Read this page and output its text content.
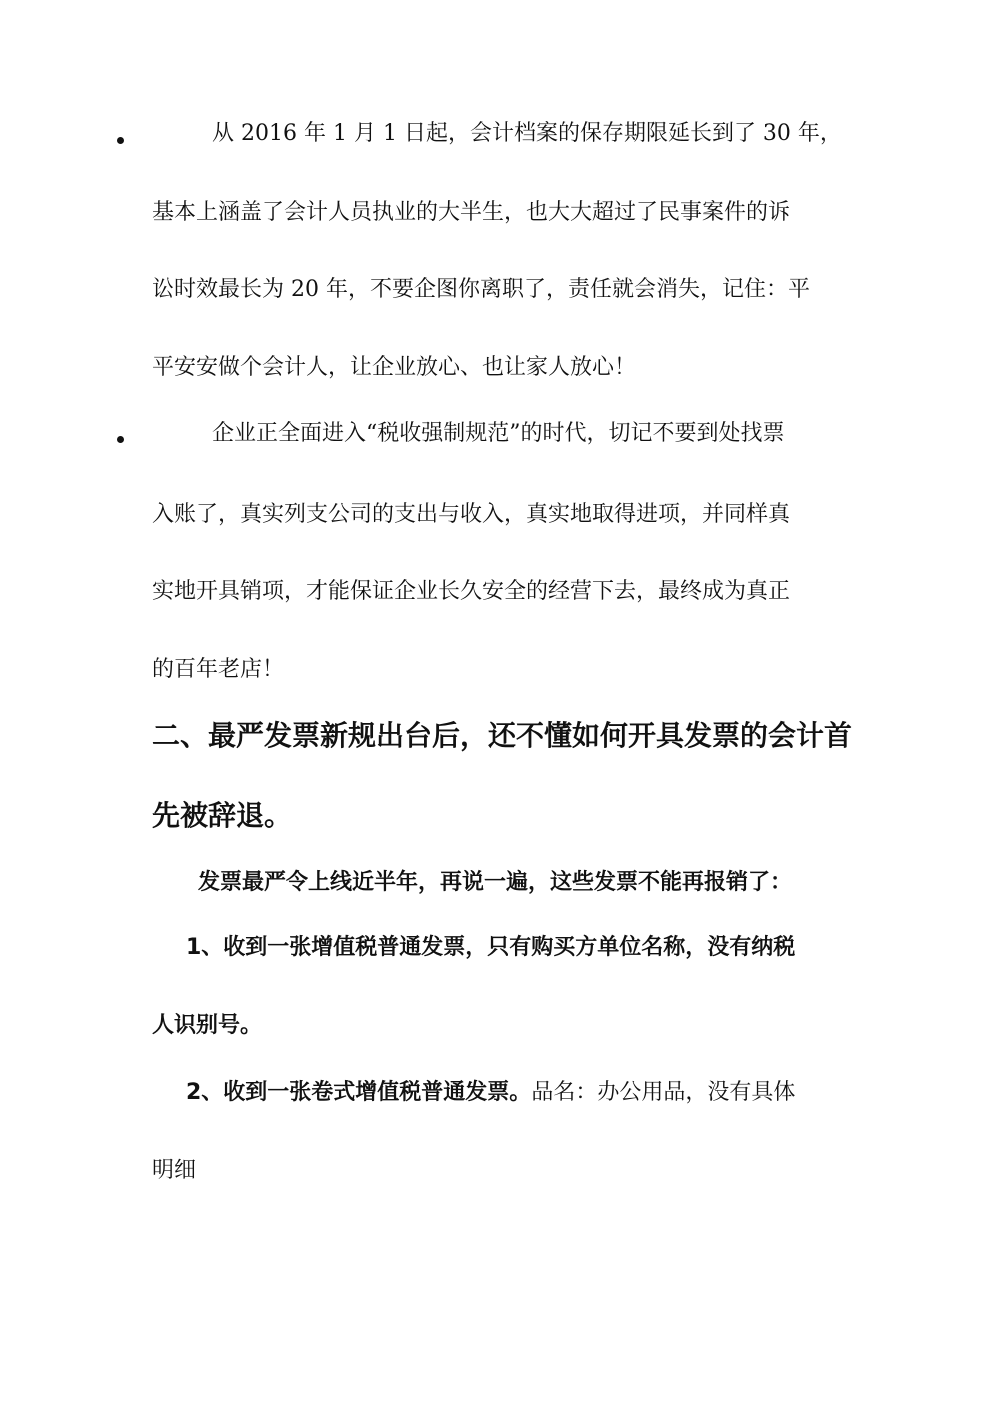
从 2016 年 1 月 1 日起，会计档案的保存期限延长到了 30 年，
基本上涵盖了会计人员执业的大半生，也大大超过了民事案件的诉
讼时效最长为 20 年，不要企图你离职了，责任就会消失，记住：平
平安安做个会计人，让企业放心、也让家人放心！
企业正全面进入“税收强制规范”的时代，切记不要到处找票
入账了，真实列支公司的支出与收入，真实地取得进项，并同样真
实地开具销项，才能保证企业长久安全的经营下去，最终成为真正
的百年老店！
二、最严发票新规出台后，还不懂如何开具发票的会计首
先被辞退。
发票最严令上线近半年，再说一遍，这些发票不能再报销了：
1、收到一张增值税普通发票，只有购买方单位名称，没有纳税
人识别号。
2、收到一张卷式增值税普通发票。品名：办公用品，没有具体
明细
